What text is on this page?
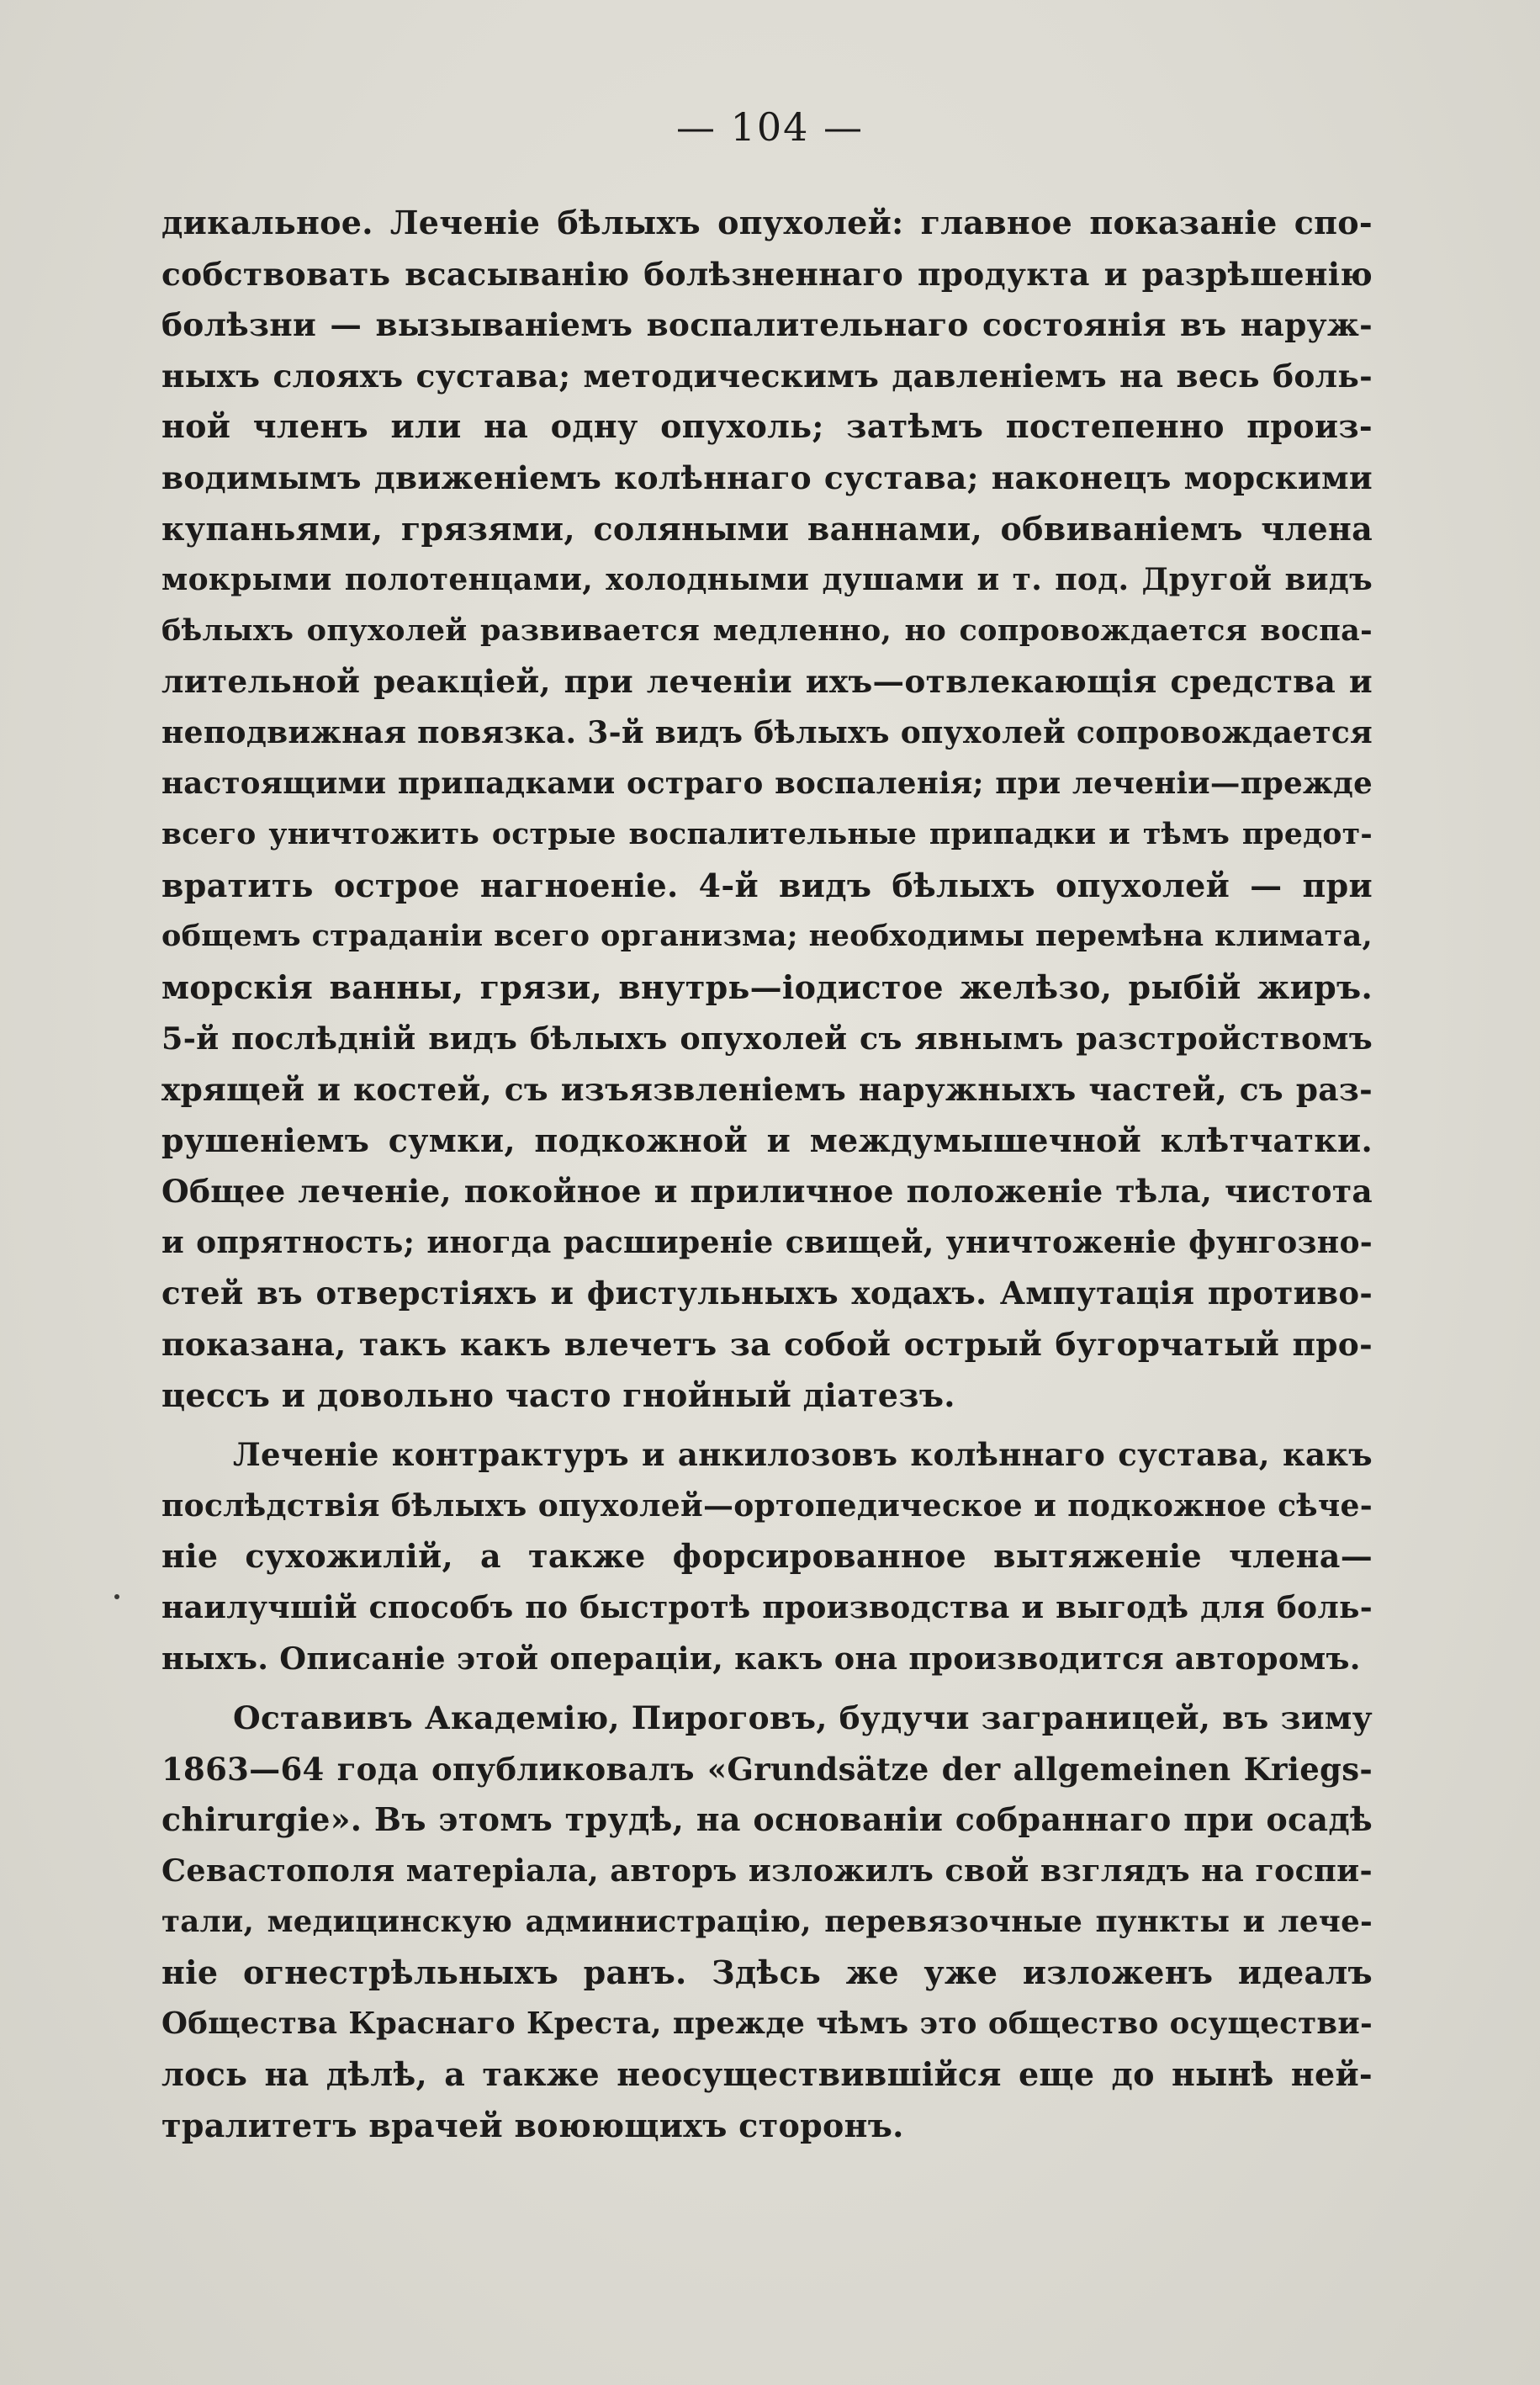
— 104 —
дикальное. Леченіе бѣлыхъ опухолей: главное показаніе спо-
собствовать всасыванію болѣзненнаго продукта и разрѣшенію
болѣзни — вызываніемъ воспалительнаго состоянія въ наруж-
ныхъ слояхъ сустава; методическимъ давленіемъ на весь боль-
ной членъ или на одну опухоль; затѣмъ постепенно произ-
водимымъ движеніемъ колѣннаго сустава; наконецъ морскими
купаньями, грязями, соляными ваннами, обвиваніемъ члена
мокрыми полотенцами, холодными душами и т. под. Другой видъ
бѣлыхъ опухолей развивается медленно, но сопровождается воспа-
лительной реакціей, при леченіи ихъ—отвлекающія средства и
неподвижная повязка. 3-й видъ бѣлыхъ опухолей сопровождается
настоящими припадками остраго воспаленія; при леченіи—прежде
всего уничтожить острые воспалительные припадки и тѣмъ предот-
вратить острое нагноеніе. 4-й видъ бѣлыхъ опухолей — при
общемъ страданіи всего организма; необходимы перемѣна климата,
морскія ванны, грязи, внутрь—іодистое желѣзо, рыбій жиръ.
5-й послѣдній видъ бѣлыхъ опухолей съ явнымъ разстройствомъ
хрящей и костей, съ изъязвленіемъ наружныхъ частей, съ раз-
рушеніемъ сумки, подкожной и междумышечной клѣтчатки.
Общее леченіе, покойное и приличное положеніе тѣла, чистота
и опрятность; иногда расширеніе свищей, уничтоженіе фунгозно-
стей въ отверстіяхъ и фистульныхъ ходахъ. Ампутація противо-
показана, такъ какъ влечетъ за собой острый бугорчатый про-
цессъ и довольно часто гнойный діатезъ.
Леченіе контрактуръ и анкилозовъ колѣннаго сустава, какъ
послѣдствія бѣлыхъ опухолей—ортопедическое и подкожное сѣче-
ніе сухожилій, а также форсированное вытяженіе члена—
наилучшій способъ по быстротѣ производства и выгодѣ для боль-
ныхъ. Описаніе этой операціи, какъ она производится авторомъ.
Оставивъ Академію, Пироговъ, будучи заграницей, въ зиму
1863—64 года опубликовалъ «Grundsätze der allgemeinen Kriegs-
chirurgie». Въ этомъ трудѣ, на основаніи собраннаго при осадѣ
Севастополя матеріала, авторъ изложилъ свой взглядъ на госпи-
тали, медицинскую администрацію, перевязочные пункты и лече-
ніе огнестрѣльныхъ ранъ. Здѣсь же уже изложенъ идеалъ
Общества Краснаго Креста, прежде чѣмъ это общество осуществи-
лось на дѣлѣ, а также неосуществившійся еще до нынѣ ней-
тралитетъ врачей воюющихъ сторонъ.
